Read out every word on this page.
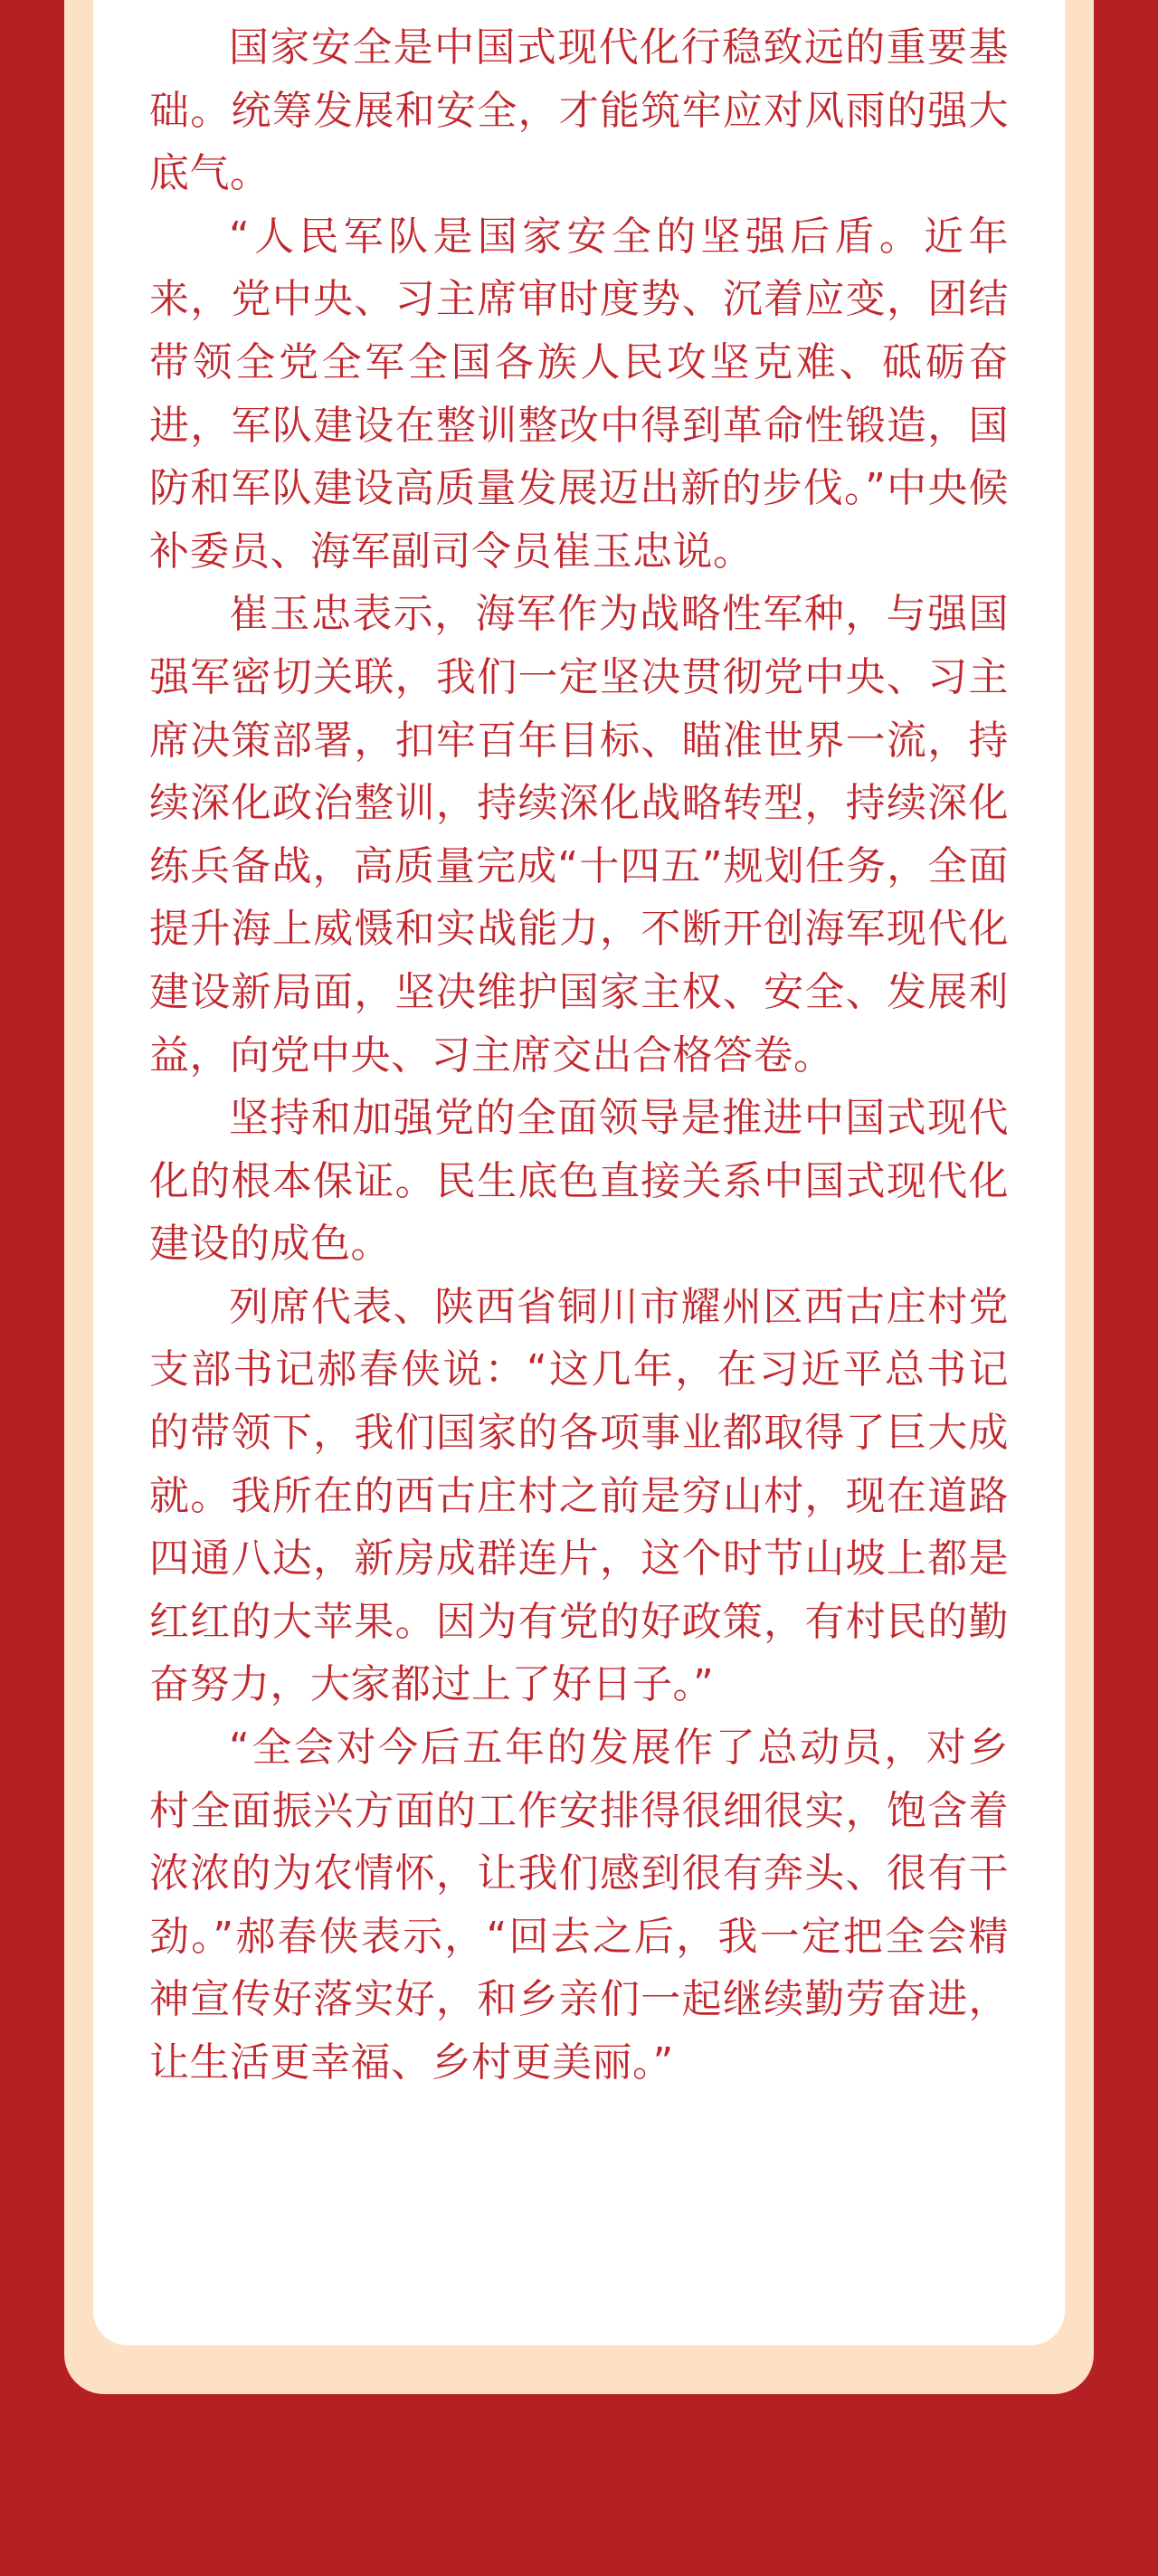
国家安全是中国式现代化行稳致远的重要基础。统筹发展和安全，才能筑牢应对风雨的强大底气。

“人民军队是国家安全的坚强后盾。近年来，党中央、习主席审时度势、沉着应变，团结带领全党全军全国各族人民攻坚克难、砥砺奋进，军队建设在整训整改中得到革命性锻造，国防和军队建设高质量发展迈出新的步伐。”中央候补委员、海军副司令员崔玉忠说。

崔玉忠表示，海军作为战略性军种，与强国强军密切关联，我们一定坚决贯彻党中央、习主席决策部署，扣牢百年目标、瞄准世界一流，持续深化政治整训，持续深化战略转型，持续深化练兵备战，高质量完成“十四五”规划任务，全面提升海上威慑和实战能力，不断开创海军现代化建设新局面，坚决维护国家主权、安全、发展利益，向党中央、习主席交出合格答卷。

坚持和加强党的全面领导是推进中国式现代化的根本保证。民生底色直接关系中国式现代化建设的成色。

列席代表、陕西省铜川市耀州区西古庄村党支部书记郝春侠说：“这几年，在习近平总书记的带领下，我们国家的各项事业都取得了巨大成就。我所在的西古庄村之前是穷山村，现在道路四通八达，新房成群连片，这个时节山坡上都是红红的大苹果。因为有党的好政策，有村民的勤奋努力，大家都过上了好日子。”

“全会对今后五年的发展作了总动员，对乡村全面振兴方面的工作安排得很细很实，饱含着浓浓的为农情怀，让我们感到很有奔头、很有干劲。”郝春侠表示，“回去之后，我一定把全会精神宣传好落实好，和乡亲们一起继续勤劳奋进，让生活更幸福、乡村更美丽。”
